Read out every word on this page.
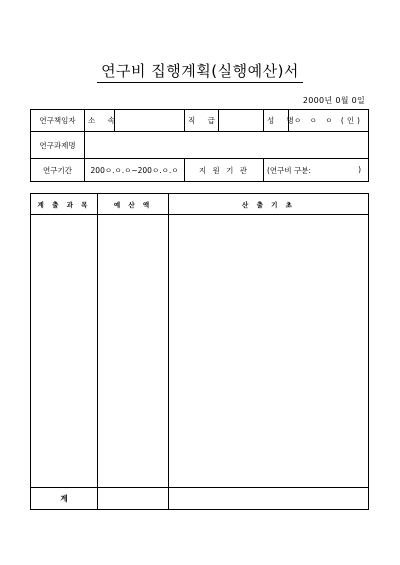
연구비 집행계획(실행예산)서
2000년 0월 0일
연구책임자	소 속		직 급		성 명	ㅇ ㅇ ㅇ (인)
연구과제명						
연구기간	200ㅇ.ㅇ.ㅇ~200ㅇ.ㅇ.ㅇ		지 원 기 관		(연구비 구분: )	
계 출 과 목	예 산 액	산 출 기 초

계		
